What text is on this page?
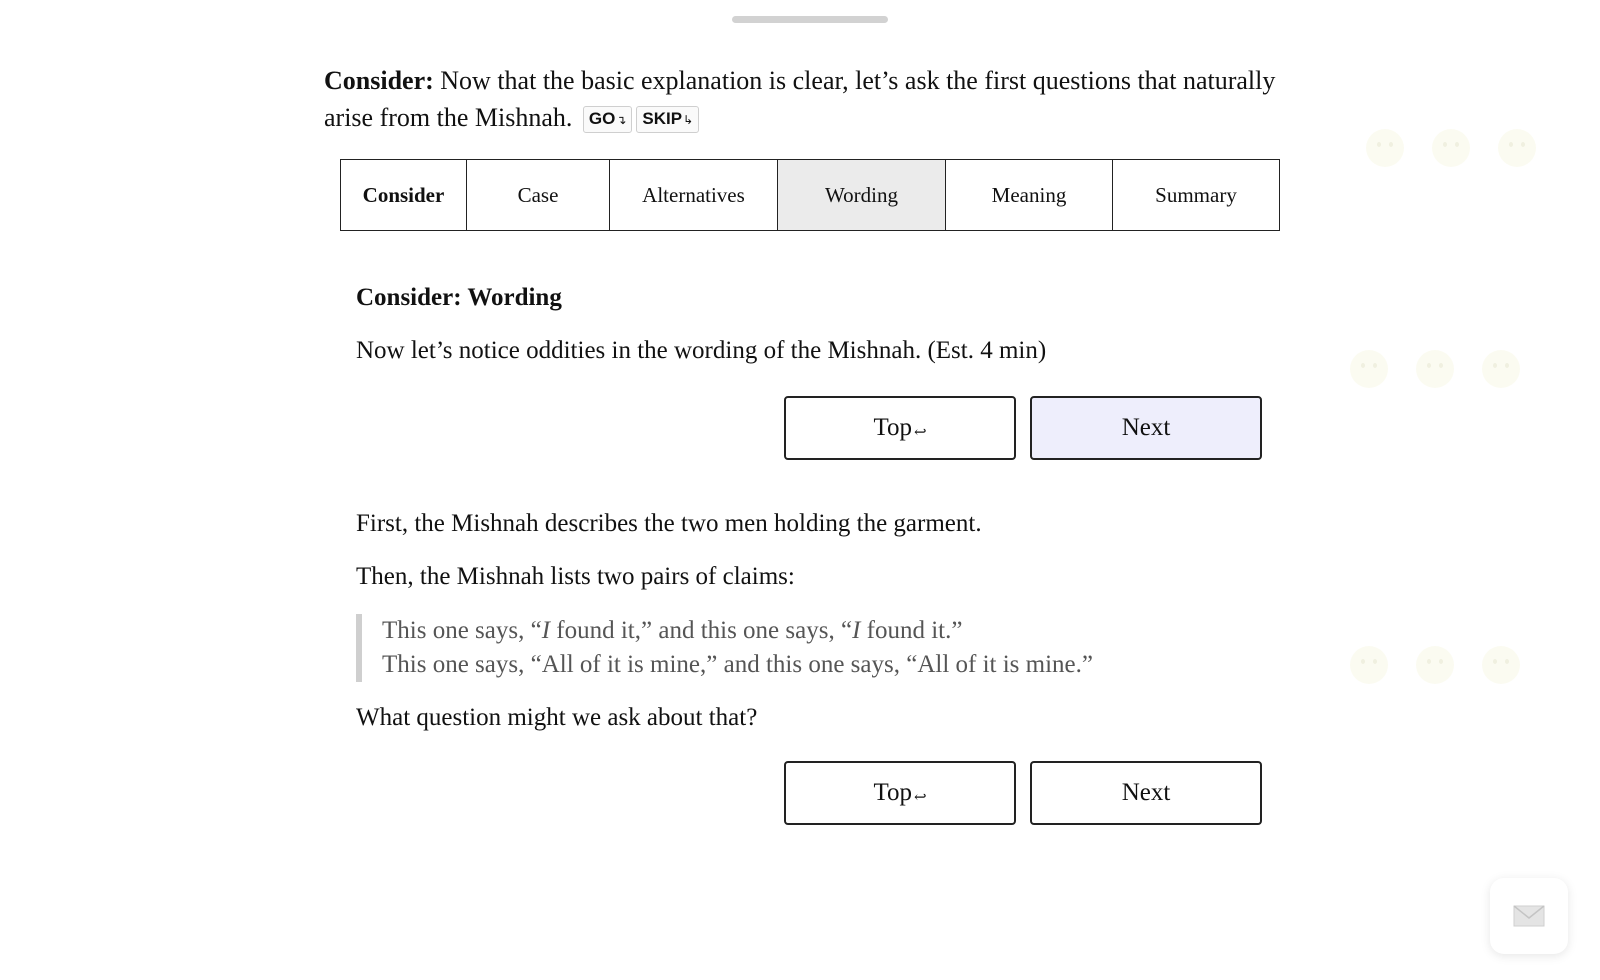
Consider: Now that the basic explanation is clear, let’s ask the first questions that naturally arise from the Mishnah. GO↴ SKIP↳
Consider	Case	Alternatives	Wording	Meaning	Summary
Consider: Wording
Now let’s notice oddities in the wording of the Mishnah. (Est. 4 min)
Top ↩	Next
First, the Mishnah describes the two men holding the garment.
Then, the Mishnah lists two pairs of claims:
This one says, “I found it,” and this one says, “I found it.”
This one says, “All of it is mine,” and this one says, “All of it is mine.”
What question might we ask about that?
Top ↩	Next
